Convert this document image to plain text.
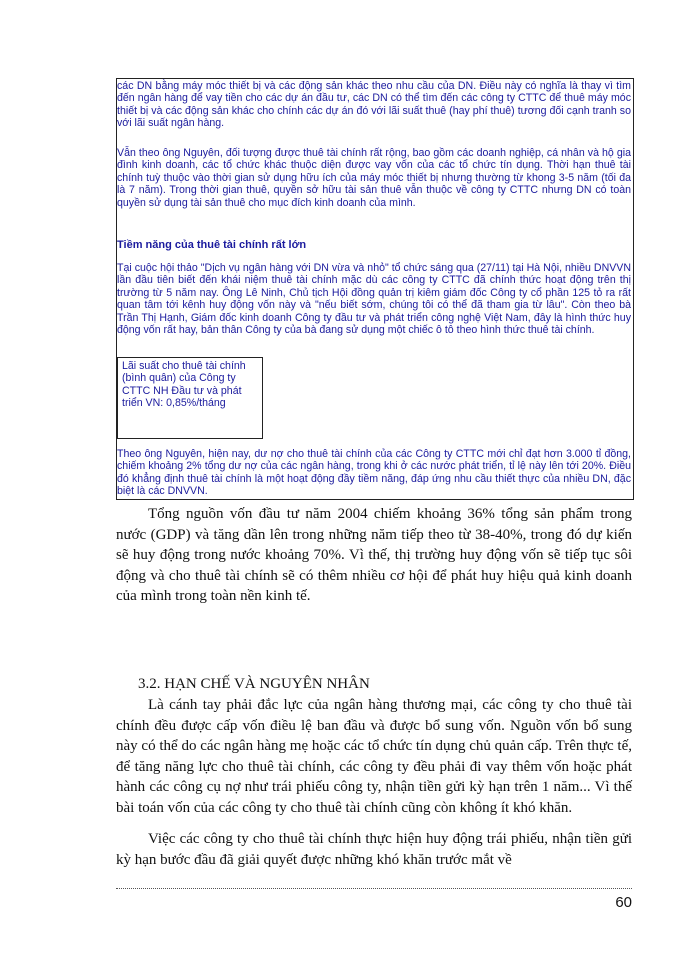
các DN bằng máy móc thiết bị và các động sản khác theo nhu cầu của DN. Điều này có nghĩa là thay vì tìm đến ngân hàng để vay tiền cho các dự án đầu tư, các DN có thể tìm đến các công ty CTTC để thuê máy móc thiết bị và các động sản khác cho chính các dự án đó với lãi suất thuê (hay phí thuê) tương đối cạnh tranh so với lãi suất ngân hàng.

Vẫn theo ông Nguyên, đối tượng được thuê tài chính rất rộng, bao gồm các doanh nghiệp, cá nhân và hộ gia đình kinh doanh, các tổ chức khác thuộc diện được vay vốn của các tổ chức tín dụng. Thời hạn thuê tài chính tuỳ thuộc vào thời gian sử dụng hữu ích của máy móc thiết bị nhưng thường từ khong 3-5 năm (tối đa là 7 năm). Trong thời gian thuê, quyền sở hữu tài sản thuê vẫn thuộc về công ty CTTC nhưng DN có toàn quyền sử dụng tài sản thuê cho mục đích kinh doanh của mình.

Tiềm năng của thuê tài chính rất lớn

Tại cuộc hội thảo "Dịch vụ ngân hàng với DN vừa và nhỏ" tổ chức sáng qua (27/11) tại Hà Nội, nhiều DNVVN lần đầu tiên biết đến khái niệm thuê tài chính mặc dù các công ty CTTC đã chính thức hoạt động trên thị trường từ 5 năm nay. Ông Lê Ninh, Chủ tịch Hội đồng quản trị kiêm giám đốc Công ty cổ phần 125 tỏ ra rất quan tâm tới kênh huy động vốn này và "nếu biết sớm, chúng tôi có thể đã tham gia từ lâu". Còn theo bà Trần Thị Hạnh, Giám đốc kinh doanh Công ty đầu tư và phát triển công nghệ Việt Nam, đây là hình thức huy động vốn rất hay, bản thân Công ty của bà đang sử dụng một chiếc ô tô theo hình thức thuê tài chính.

Lãi suất cho thuê tài chính (bình quân) của Công ty CTTC NH Đầu tư và phát triển VN: 0,85%/tháng

Theo ông Nguyên, hiện nay, dư nợ cho thuê tài chính của các Công ty CTTC mới chỉ đạt hơn 3.000 tỉ đồng, chiếm khoảng 2% tổng dư nợ của các ngân hàng, trong khi ở các nước phát triển, tỉ lệ này lên tới 20%. Điều đó khẳng định thuê tài chính là một hoạt động đầy tiềm năng, đáp ứng nhu cầu thiết thực của nhiều DN, đặc biệt là các DNVVN.

Tổng nguồn vốn đầu tư năm 2004 chiếm khoảng 36% tổng sản phẩm trong nước (GDP) và tăng dần lên trong những năm tiếp theo từ 38-40%, trong đó dự kiến sẽ huy động trong nước khoảng 70%. Vì thế, thị trường huy động vốn sẽ tiếp tục sôi động và cho thuê tài chính sẽ có thêm nhiều cơ hội để phát huy hiệu quả kinh doanh của mình trong toàn nền kinh tế.

3.2. HẠN CHẾ VÀ NGUYÊN NHÂN

Là cánh tay phải đắc lực của ngân hàng thương mại, các công ty cho thuê tài chính đều được cấp vốn điều lệ ban đầu và được bổ sung vốn. Nguồn vốn bổ sung này có thể do các ngân hàng mẹ hoặc các tổ chức tín dụng chủ quản cấp. Trên thực tế, để tăng năng lực cho thuê tài chính, các công ty đều phải đi vay thêm vốn hoặc phát hành các công cụ nợ như trái phiếu công ty, nhận tiền gửi kỳ hạn trên 1 năm... Vì thế bài toán vốn của các công ty cho thuê tài chính cũng còn không ít khó khăn.

Việc các công ty cho thuê tài chính thực hiện huy động trái phiếu, nhận tiền gửi kỳ hạn bước đầu đã giải quyết được những khó khăn trước mắt về

60
